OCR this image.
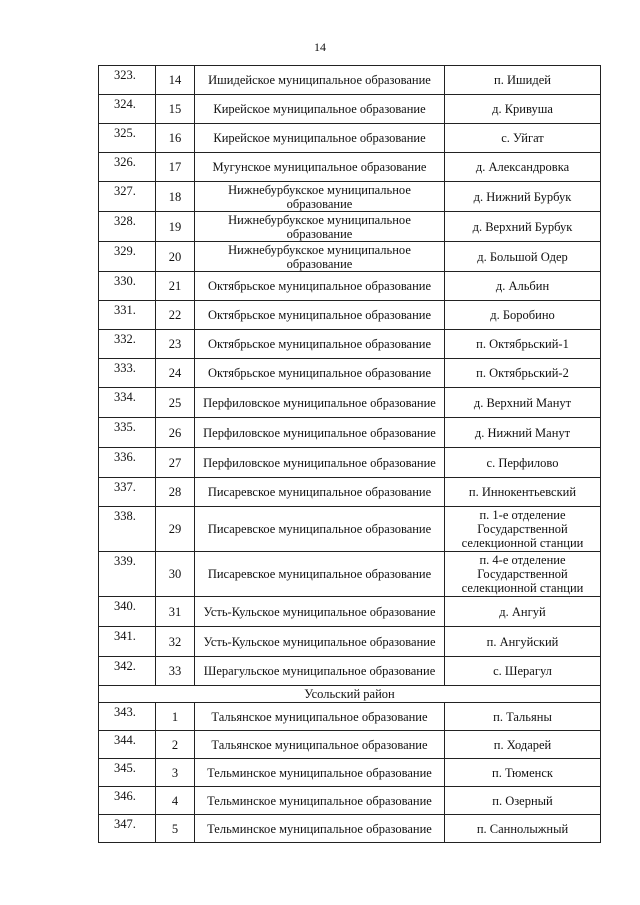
14
323.	14	Ишидейское муниципальное образование	п. Ишидей
324.	15	Кирейское муниципальное образование	д. Кривуша
325.	16	Кирейское муниципальное образование	с. Уйгат
326.	17	Мугунское муниципальное образование	д. Александровка
327.	18	Нижнебурбукское муниципальное образование	д. Нижний Бурбук
328.	19	Нижнебурбукское муниципальное образование	д. Верхний Бурбук
329.	20	Нижнебурбукское муниципальное образование	д. Большой Одер
330.	21	Октябрьское муниципальное образование	д. Альбин
331.	22	Октябрьское муниципальное образование	д. Боробино
332.	23	Октябрьское муниципальное образование	п. Октябрьский-1
333.	24	Октябрьское муниципальное образование	п. Октябрьский-2
334.	25	Перфиловское муниципальное образование	д. Верхний Манут
335.	26	Перфиловское муниципальное образование	д. Нижний Манут
336.	27	Перфиловское муниципальное образование	с. Перфилово
337.	28	Писаревское муниципальное образование	п. Иннокентьевский
338.	29	Писаревское муниципальное образование	п. 1-е отделение Государственной селекционной станции
339.	30	Писаревское муниципальное образование	п. 4-е отделение Государственной селекционной станции
340.	31	Усть-Кульское муниципальное образование	д. Ангуй
341.	32	Усть-Кульское муниципальное образование	п. Ангуйский
342.	33	Шерагульское муниципальное образование	с. Шерагул
Усольский район			
343.	1	Тальянское муниципальное образование	п. Тальяны
344.	2	Тальянское муниципальное образование	п. Ходарей
345.	3	Тельминское муниципальное образование	п. Тюменск
346.	4	Тельминское муниципальное образование	п. Озерный
347.	5	Тельминское муниципальное образование	п. Саннолыжный
